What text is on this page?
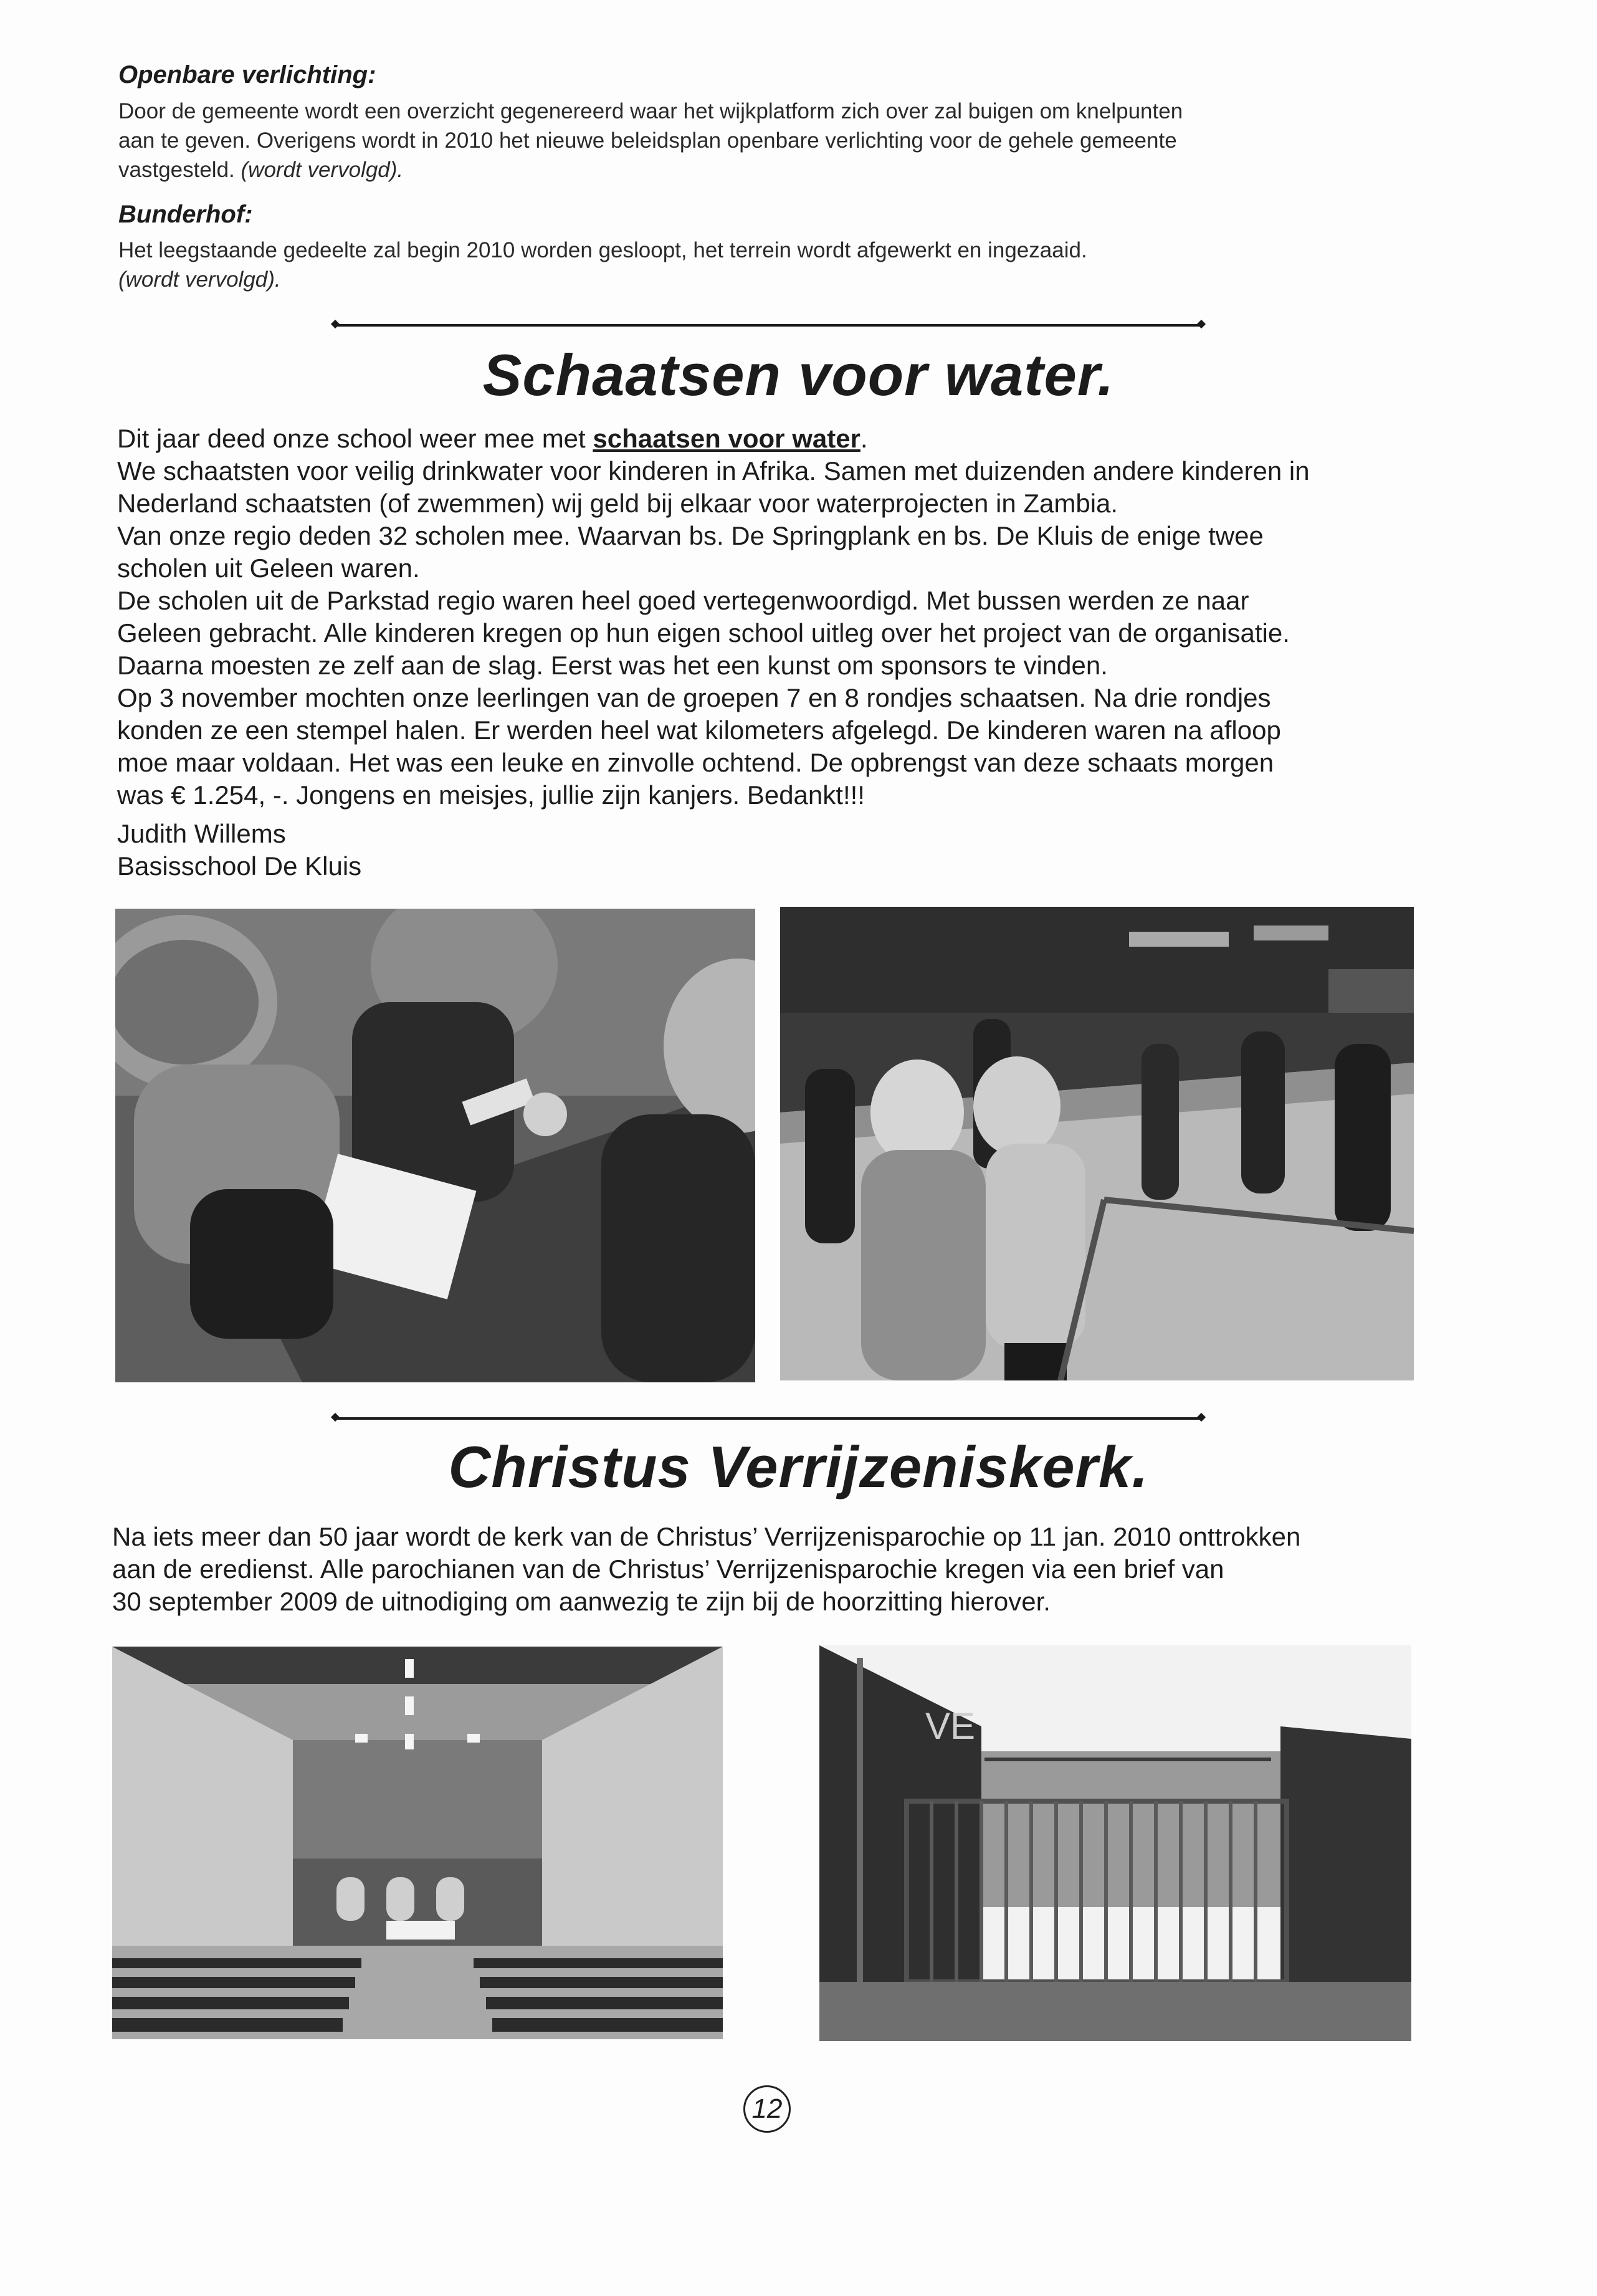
Openbare verlichting:
Door de gemeente wordt een overzicht gegenereerd waar het wijkplatform zich over zal buigen om knelpunten
aan te geven. Overigens wordt in 2010 het nieuwe beleidsplan openbare verlichting voor de gehele gemeente
vastgesteld. (wordt vervolgd).
Bunderhof:
Het leegstaande gedeelte zal begin 2010 worden gesloopt, het terrein wordt afgewerkt en ingezaaid.
(wordt vervolgd).
Schaatsen voor water.

Dit jaar deed onze school weer mee met schaatsen voor water.

We schaatsten voor veilig drinkwater voor kinderen in Afrika. Samen met duizenden andere kinderen in

Nederland schaatsten (of zwemmen) wij geld bij elkaar voor waterprojecten in Zambia.

Van onze regio deden 32 scholen mee. Waarvan bs. De Springplank en bs. De Kluis de enige twee

scholen uit Geleen waren.

De scholen uit de Parkstad regio waren heel goed vertegenwoordigd. Met bussen werden ze naar

Geleen gebracht. Alle kinderen kregen op hun eigen school uitleg over het project van de organisatie.

Daarna moesten ze zelf aan de slag. Eerst was het een kunst om sponsors te vinden.

Op 3 november mochten onze leerlingen van de groepen 7 en 8 rondjes schaatsen. Na drie rondjes

konden ze een stempel halen. Er werden heel wat kilometers afgelegd. De kinderen waren na afloop

moe maar voldaan. Het was een leuke en zinvolle ochtend. De opbrengst van deze schaats morgen

was € 1.254, -. Jongens en meisjes, jullie zijn kanjers. Bedankt!!!

Judith Willems

Basisschool De Kluis

Christus Verrijzeniskerk.

Na iets meer dan 50 jaar wordt de kerk van de Christus’ Verrijzenisparochie op 11 jan. 2010 onttrokken

aan de eredienst. Alle parochianen van de Christus’ Verrijzenisparochie kregen via een brief van

30 september 2009 de uitnodiging om aanwezig te zijn bij de hoorzitting hierover.

VE
12
